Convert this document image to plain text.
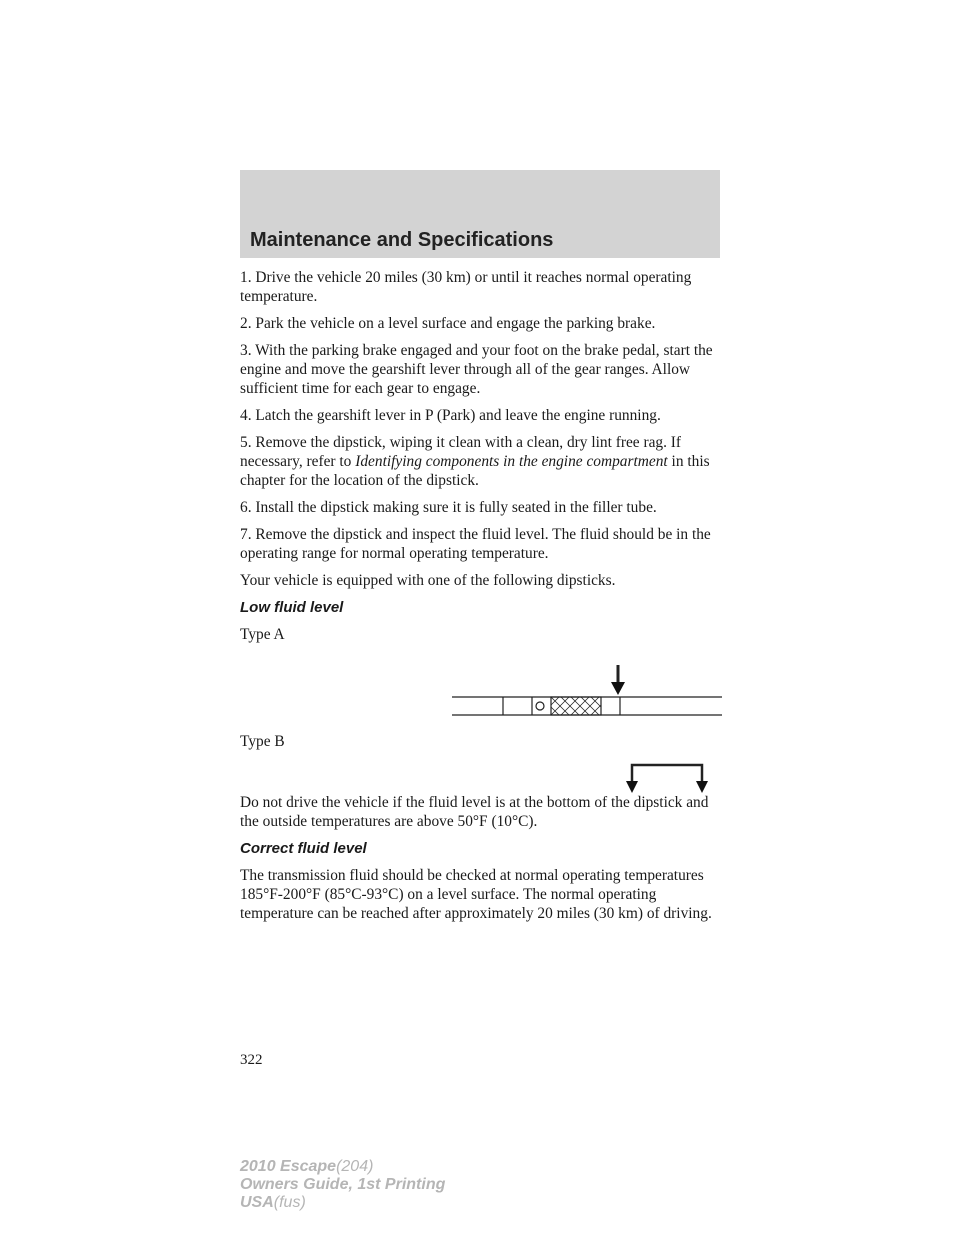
Maintenance and Specifications

1. Drive the vehicle 20 miles (30 km) or until it reaches normal operating temperature.

2. Park the vehicle on a level surface and engage the parking brake.

3. With the parking brake engaged and your foot on the brake pedal, start the engine and move the gearshift lever through all of the gear ranges. Allow sufficient time for each gear to engage.

4. Latch the gearshift lever in P (Park) and leave the engine running.

5. Remove the dipstick, wiping it clean with a clean, dry lint free rag. If necessary, refer to Identifying components in the engine compartment in this chapter for the location of the dipstick.

6. Install the dipstick making sure it is fully seated in the filler tube.

7. Remove the dipstick and inspect the fluid level. The fluid should be in the operating range for normal operating temperature.

Your vehicle is equipped with one of the following dipsticks.

Low fluid level

Type A

Type B

Do not drive the vehicle if the fluid level is at the bottom of the dipstick and the outside temperatures are above 50°F (10°C).

Correct fluid level

The transmission fluid should be checked at normal operating temperatures 185°F-200°F (85°C-93°C) on a level surface. The normal operating temperature can be reached after approximately 20 miles (30 km) of driving.

322
2010 Escape(204)
Owners Guide, 1st Printing
USA(fus)
